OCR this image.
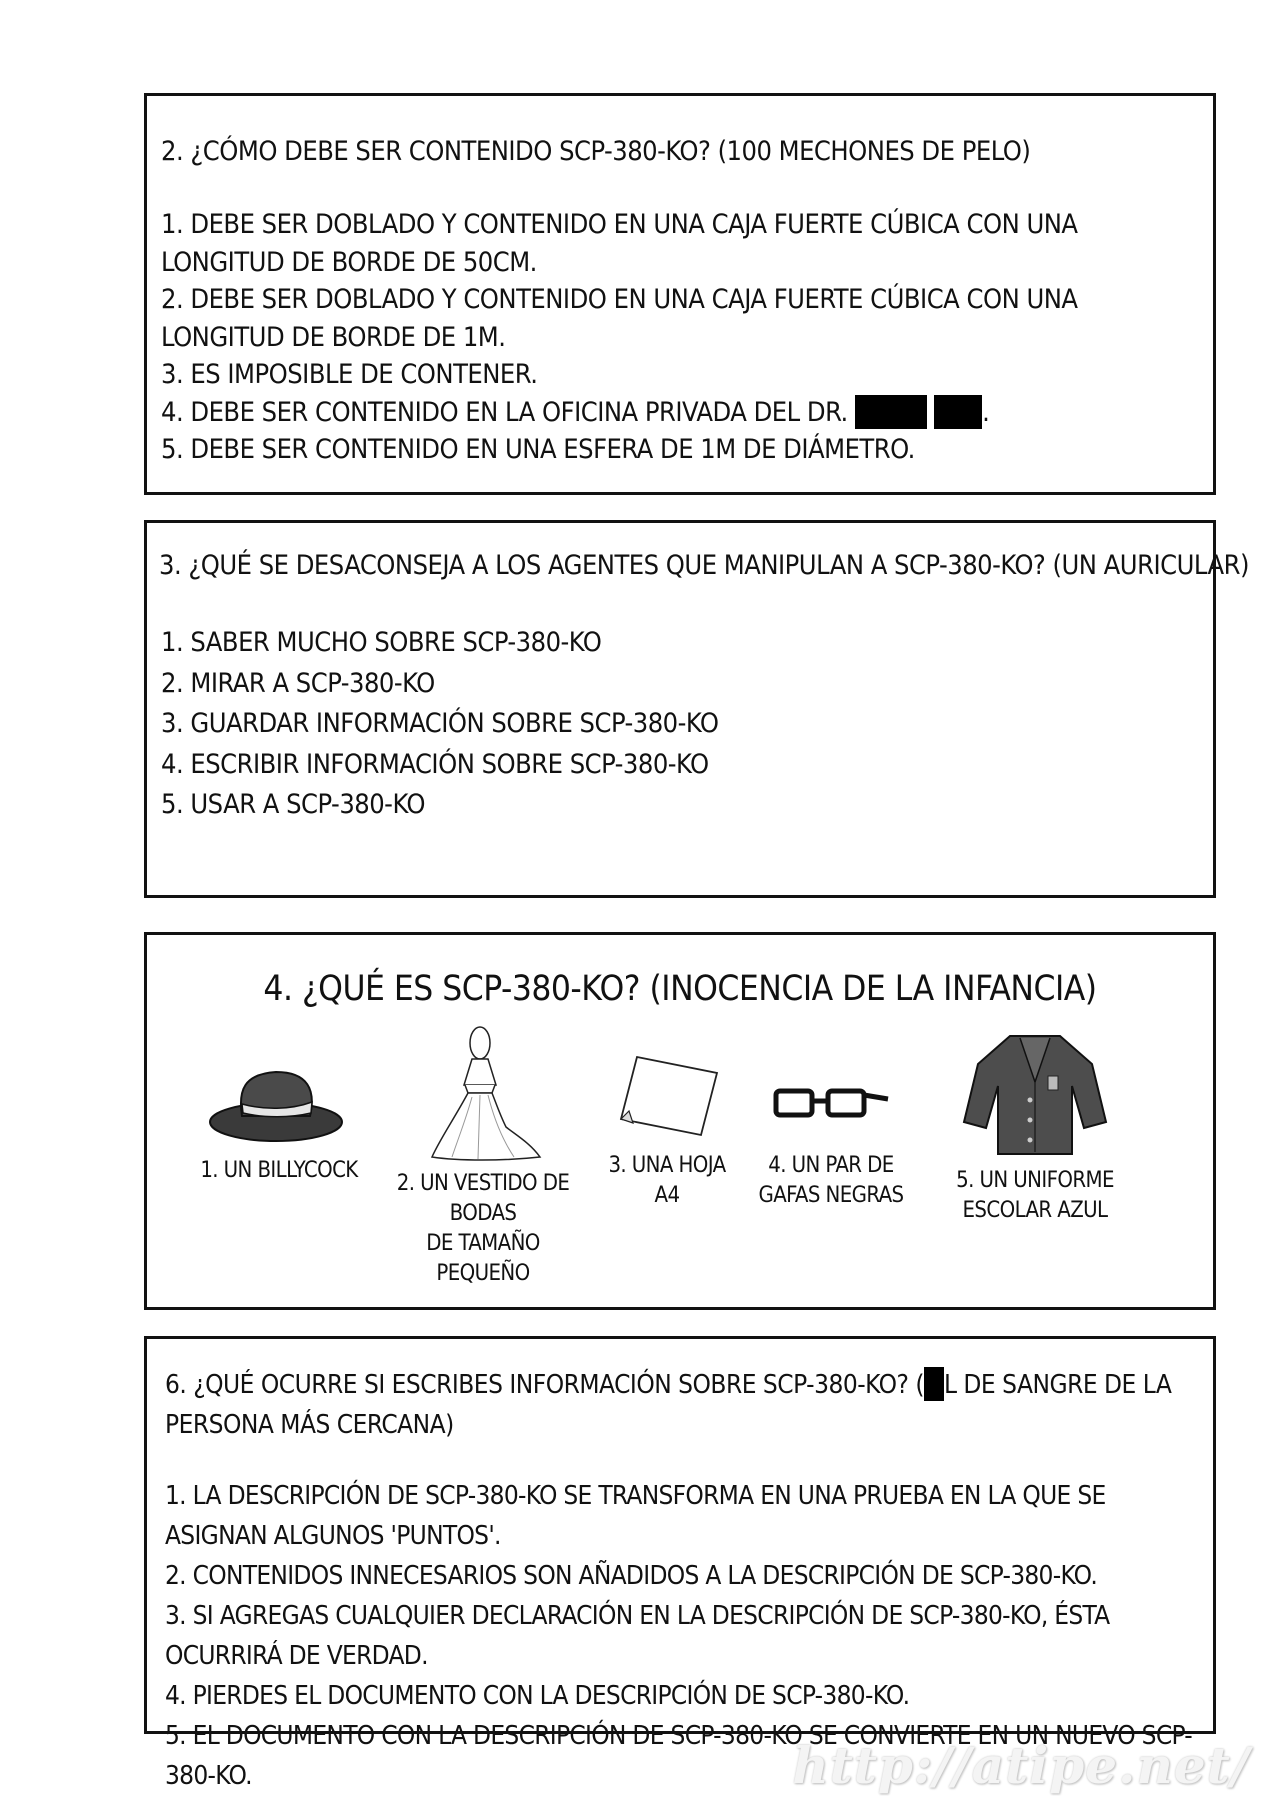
2. ¿CÓMO DEBE SER CONTENIDO SCP-380-KO? (100 MECHONES DE PELO)

1. DEBE SER DOBLADO Y CONTENIDO EN UNA CAJA FUERTE CÚBICA CON UNA LONGITUD DE BORDE DE 50CM.

2. DEBE SER DOBLADO Y CONTENIDO EN UNA CAJA FUERTE CÚBICA CON UNA LONGITUD DE BORDE DE 1M.

3. ES IMPOSIBLE DE CONTENER.

4. DEBE SER CONTENIDO EN LA OFICINA PRIVADA DEL DR.	.

5. DEBE SER CONTENIDO EN UNA ESFERA DE 1M DE DIÁMETRO.

3. ¿QUÉ SE DESACONSEJA A LOS AGENTES QUE MANIPULAN A SCP-380-KO? (UN AURICULAR)

1. SABER MUCHO SOBRE SCP-380-KO

2. MIRAR A SCP-380-KO

3. GUARDAR INFORMACIÓN SOBRE SCP-380-KO

4. ESCRIBIR INFORMACIÓN SOBRE SCP-380-KO

5. USAR A SCP-380-KO

4. ¿QUÉ ES SCP-380-KO? (INOCENCIA DE LA INFANCIA)

1. UN BILLYCOCK
2. UN VESTIDO DE BODAS
DE TAMAÑO PEQUEÑO
3. UNA HOJA
A4
4. UN PAR DE
GAFAS NEGRAS
5. UN UNIFORME
ESCOLAR AZUL

6. ¿QUÉ OCURRE SI ESCRIBES INFORMACIÓN SOBRE SCP-380-KO? ( L DE SANGRE DE LA PERSONA MÁS CERCANA)

1. LA DESCRIPCIÓN DE SCP-380-KO SE TRANSFORMA EN UNA PRUEBA EN LA QUE SE ASIGNAN ALGUNOS 'PUNTOS'.

2. CONTENIDOS INNECESARIOS SON AÑADIDOS A LA DESCRIPCIÓN DE SCP-380-KO.

3. SI AGREGAS CUALQUIER DECLARACIÓN EN LA DESCRIPCIÓN DE SCP-380-KO, ÉSTA OCURRIRÁ DE VERDAD.

4. PIERDES EL DOCUMENTO CON LA DESCRIPCIÓN DE SCP-380-KO.

5. EL DOCUMENTO CON LA DESCRIPCIÓN DE SCP-380-KO SE CONVIERTE EN UN NUEVO SCP-380-KO.	http://atipe.net/
